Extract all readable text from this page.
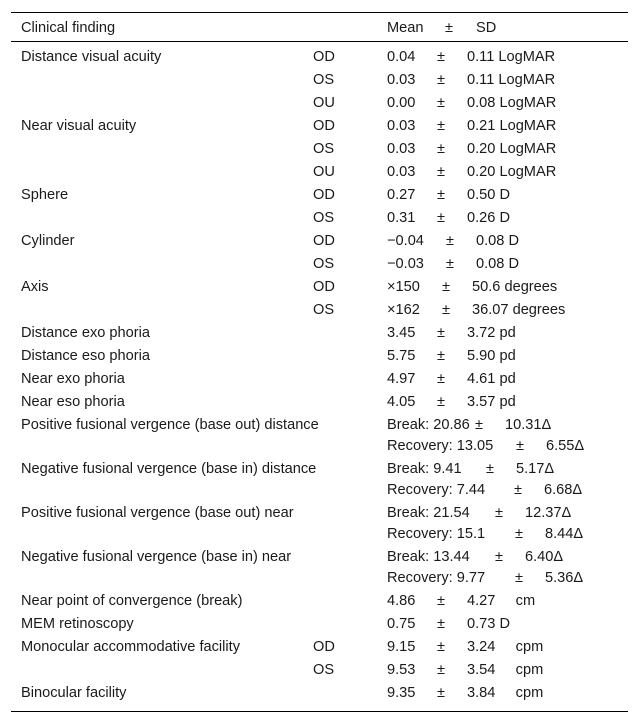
Clinical finding	Mean ± SD
Distance visual acuity	OD	0.04 ± 0.11 LogMAR
OS	0.03 ± 0.11 LogMAR
OU	0.00 ± 0.08 LogMAR
Near visual acuity	OD	0.03 ± 0.21 LogMAR
OS	0.03 ± 0.20 LogMAR
OU	0.03 ± 0.20 LogMAR
Sphere	OD	0.27 ± 0.50 D
OS	0.31 ± 0.26 D
Cylinder	OD	−0.04 ± 0.08 D
OS	−0.03 ± 0.08 D
Axis	OD	×150 ± 50.6 degrees
OS	×162 ± 36.07 degrees
Distance exo phoria	3.45 ± 3.72 pd
Distance eso phoria	5.75 ± 5.90 pd
Near exo phoria	4.97 ± 4.61 pd
Near eso phoria	4.05 ± 3.57 pd
Positive fusional vergence (base out) distance	Break: 20.86 ± 10.31Δ
Recovery: 13.05 ± 6.55Δ
Negative fusional vergence (base in) distance	Break: 9.41 ± 5.17Δ
Recovery: 7.44 ± 6.68Δ
Positive fusional vergence (base out) near	Break: 21.54 ± 12.37Δ
Recovery: 15.1 ± 8.44Δ
Negative fusional vergence (base in) near	Break: 13.44 ± 6.40Δ
Recovery: 9.77 ± 5.36Δ
Near point of convergence (break)	4.86 ± 4.27     cm
MEM retinoscopy	0.75 ± 0.73 D
Monocular accommodative facility	OD	9.15 ± 3.24     cpm
OS	9.53 ± 3.54     cpm
Binocular facility	9.35 ± 3.84     cpm
